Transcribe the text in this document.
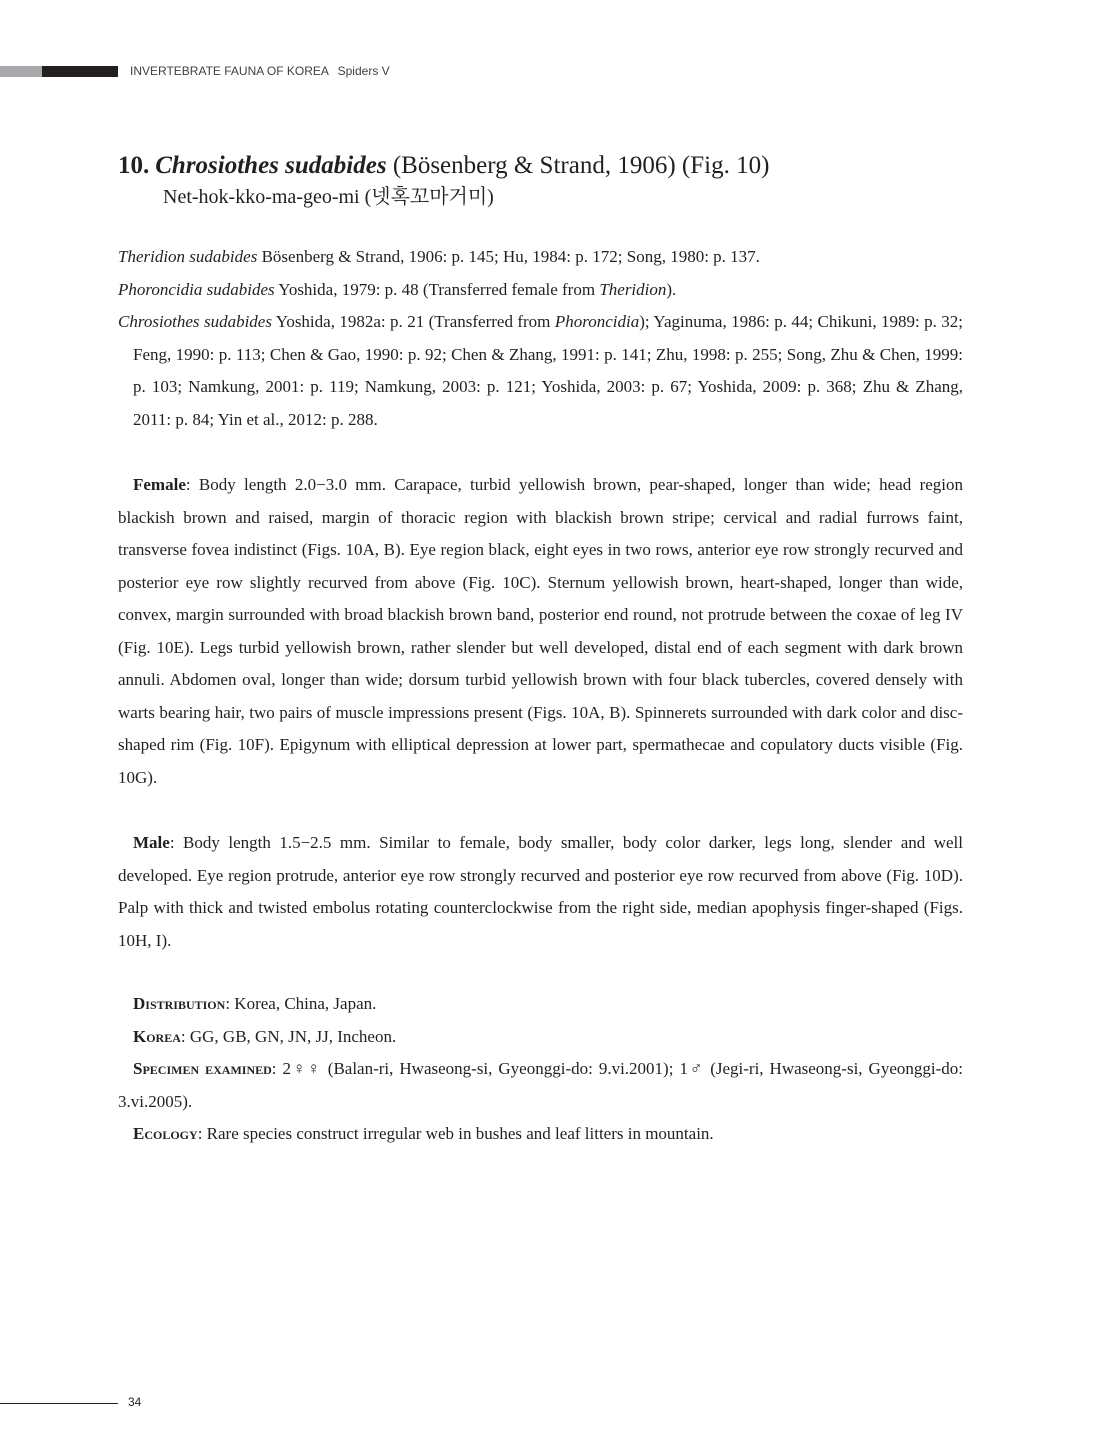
INVERTEBRATE FAUNA OF KOREA Spiders V
10. Chrosiothes sudabides (Bösenberg & Strand, 1906) (Fig. 10)
Net-hok-kko-ma-geo-mi (넷혹꼬마거미)
Theridion sudabides Bösenberg & Strand, 1906: p. 145; Hu, 1984: p. 172; Song, 1980: p. 137.
Phoroncidia sudabides Yoshida, 1979: p. 48 (Transferred female from Theridion).
Chrosiothes sudabides Yoshida, 1982a: p. 21 (Transferred from Phoroncidia); Yaginuma, 1986: p. 44; Chikuni, 1989: p. 32; Feng, 1990: p. 113; Chen & Gao, 1990: p. 92; Chen & Zhang, 1991: p. 141; Zhu, 1998: p. 255; Song, Zhu & Chen, 1999: p. 103; Namkung, 2001: p. 119; Namkung, 2003: p. 121; Yoshida, 2003: p. 67; Yoshida, 2009: p. 368; Zhu & Zhang, 2011: p. 84; Yin et al., 2012: p. 288.
Female: Body length 2.0−3.0 mm. Carapace, turbid yellowish brown, pear-shaped, longer than wide; head region blackish brown and raised, margin of thoracic region with blackish brown stripe; cervical and radial furrows faint, transverse fovea indistinct (Figs. 10A, B). Eye region black, eight eyes in two rows, anterior eye row strongly recurved and posterior eye row slightly recurved from above (Fig. 10C). Sternum yellowish brown, heart-shaped, longer than wide, convex, margin surrounded with broad blackish brown band, posterior end round, not protrude between the coxae of leg IV (Fig. 10E). Legs turbid yellowish brown, rather slender but well developed, distal end of each segment with dark brown annuli. Abdomen oval, longer than wide; dorsum turbid yellowish brown with four black tubercles, covered densely with warts bearing hair, two pairs of muscle impressions present (Figs. 10A, B). Spinnerets surrounded with dark color and disc-shaped rim (Fig. 10F). Epigynum with elliptical depression at lower part, spermathecae and copulatory ducts visible (Fig. 10G).
Male: Body length 1.5−2.5 mm. Similar to female, body smaller, body color darker, legs long, slender and well developed. Eye region protrude, anterior eye row strongly recurved and posterior eye row recurved from above (Fig. 10D). Palp with thick and twisted embolus rotating counterclockwise from the right side, median apophysis finger-shaped (Figs. 10H, I).
Distribution: Korea, China, Japan.
Korea: GG, GB, GN, JN, JJ, Incheon.
Specimen examined: 2♀♀ (Balan-ri, Hwaseong-si, Gyeonggi-do: 9.vi.2001); 1♂ (Jegi-ri, Hwaseong-si, Gyeonggi-do: 3.vi.2005).
Ecology: Rare species construct irregular web in bushes and leaf litters in mountain.
34
